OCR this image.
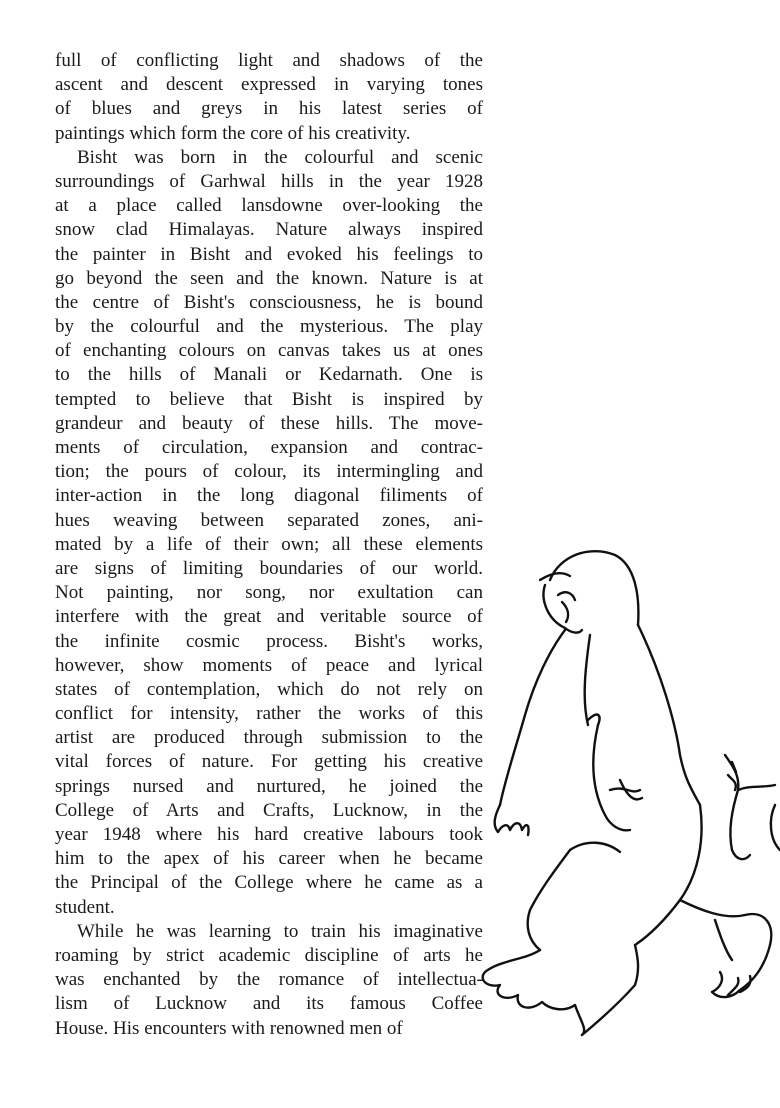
full of conflicting light and shadows of the
ascent and descent expressed in varying tones
of blues and greys in his latest series of
paintings which form the core of his creativity.

Bisht was born in the colourful and scenic
surroundings of Garhwal hills in the year 1928
at a place called lansdowne over-looking the
snow clad Himalayas. Nature always inspired
the painter in Bisht and evoked his feelings to
go beyond the seen and the known. Nature is at
the centre of Bisht's consciousness, he is bound
by the colourful and the mysterious. The play
of enchanting colours on canvas takes us at ones
to the hills of Manali or Kedarnath. One is
tempted to believe that Bisht is inspired by
grandeur and beauty of these hills. The move-
ments of circulation, expansion and contrac-
tion; the pours of colour, its intermingling and
inter-action in the long diagonal filiments of
hues weaving between separated zones, ani-
mated by a life of their own; all these elements
are signs of limiting boundaries of our world.
Not painting, nor song, nor exultation can
interfere with the great and veritable source of
the infinite cosmic process. Bisht's works,
however, show moments of peace and lyrical
states of contemplation, which do not rely on
conflict for intensity, rather the works of this
artist are produced through submission to the
vital forces of nature. For getting his creative
springs nursed and nurtured, he joined the
College of Arts and Crafts, Lucknow, in the
year 1948 where his hard creative labours took
him to the apex of his career when he became
the Principal of the College where he came as a
student.

While he was learning to train his imaginative
roaming by strict academic discipline of arts he
was enchanted by the romance of intellectua-
lism of Lucknow and its famous Coffee
House. His encounters with renowned men of
